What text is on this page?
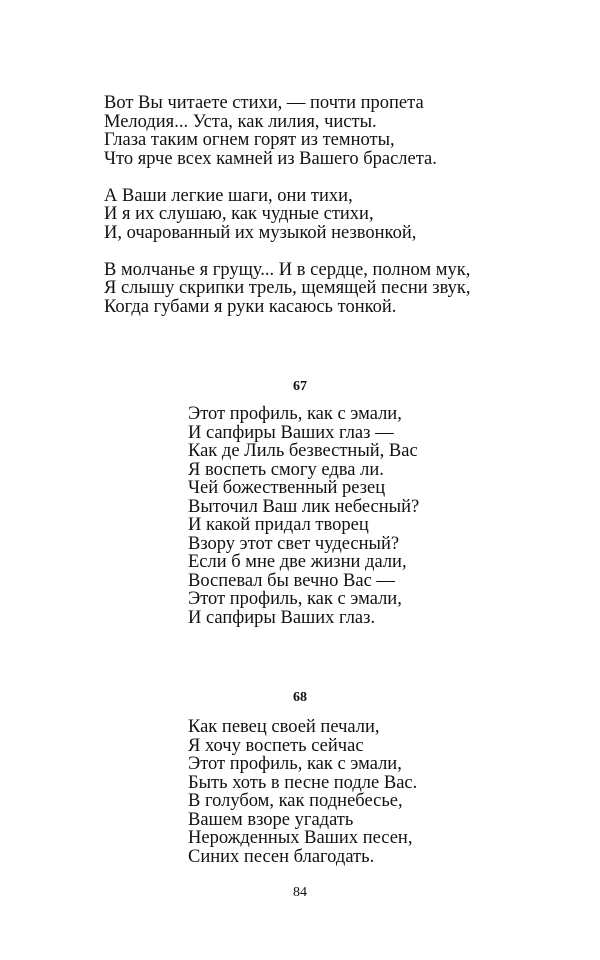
Вот Вы читаете стихи, — почти пропета
Мелодия... Уста, как лилия, чисты.
Глаза таким огнем горят из темноты,
Что ярче всех камней из Вашего браслета.
А Ваши легкие шаги, они тихи,
И я их слушаю, как чудные стихи,
И, очарованный их музыкой незвонкой,
В молчанье я грущу... И в сердце, полном мук,
Я слышу скрипки трель, щемящей песни звук,
Когда губами я руки касаюсь тонкой.
67
Этот профиль, как с эмали,
И сапфиры Ваших глаз —
Как де Лиль безвестный, Вас
Я воспеть смогу едва ли.
Чей божественный резец
Выточил Ваш лик небесный?
И какой придал творец
Взору этот свет чудесный?
Если б мне две жизни дали,
Воспевал бы вечно Вас —
Этот профиль, как с эмали,
И сапфиры Ваших глаз.
68
Как певец своей печали,
Я хочу воспеть сейчас
Этот профиль, как с эмали,
Быть хоть в песне подле Вас.
В голубом, как поднебесье,
Вашем взоре угадать
Нерожденных Ваших песен,
Синих песен благодать.
84
